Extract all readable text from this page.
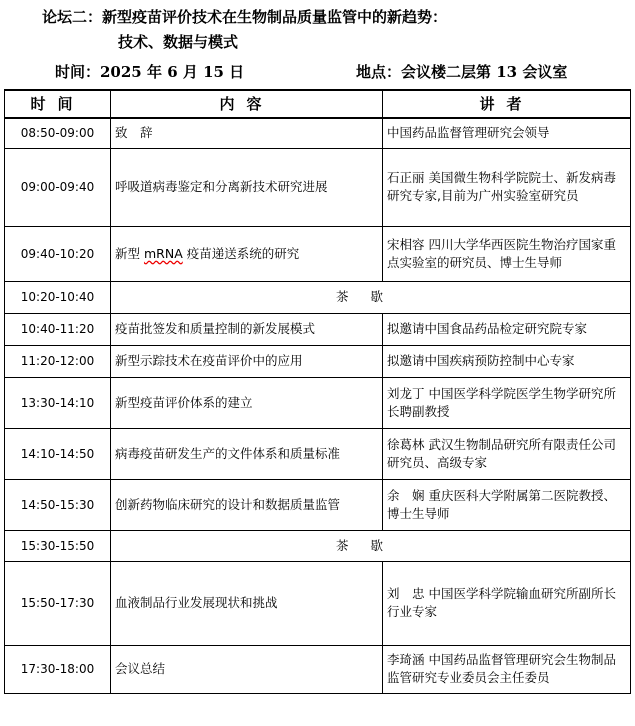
论坛二：新型疫苗评价技术在生物制品质量监管中的新趋势：
技术、数据与模式
时间：2025 年 6 月 15 日	地点：会议楼二层第 13 会议室
时间	内容	讲者
08:50-09:00	致　辞	中国药品监督管理研究会领导
09:00-09:40	呼吸道病毒鉴定和分离新技术研究进展	石正丽 美国微生物科学院院士、新发病毒研究专家,目前为广州实验室研究员
09:40-10:20	新型 mRNA 疫苗递送系统的研究	宋相容 四川大学华西医院生物治疗国家重点实验室的研究员、博士生导师
10:20-10:40	茶歇	
10:40-11:20	疫苗批签发和质量控制的新发展模式	拟邀请中国食品药品检定研究院专家
11:20-12:00	新型示踪技术在疫苗评价中的应用	拟邀请中国疾病预防控制中心专家
13:30-14:10	新型疫苗评价体系的建立	刘龙丁 中国医学科学院医学生物学研究所长聘副教授
14:10-14:50	病毒疫苗研发生产的文件体系和质量标准	徐葛林 武汉生物制品研究所有限责任公司研究员、高级专家
14:50-15:30	创新药物临床研究的设计和数据质量监管	余　娴 重庆医科大学附属第二医院教授、博士生导师
15:30-15:50	茶歇	
15:50-17:30	血液制品行业发展现状和挑战	刘　忠 中国医学科学院输血研究所副所长
行业专家

17:30-18:00	会议总结	李琦涵 中国药品监督管理研究会生物制品监管研究专业委员会主任委员
